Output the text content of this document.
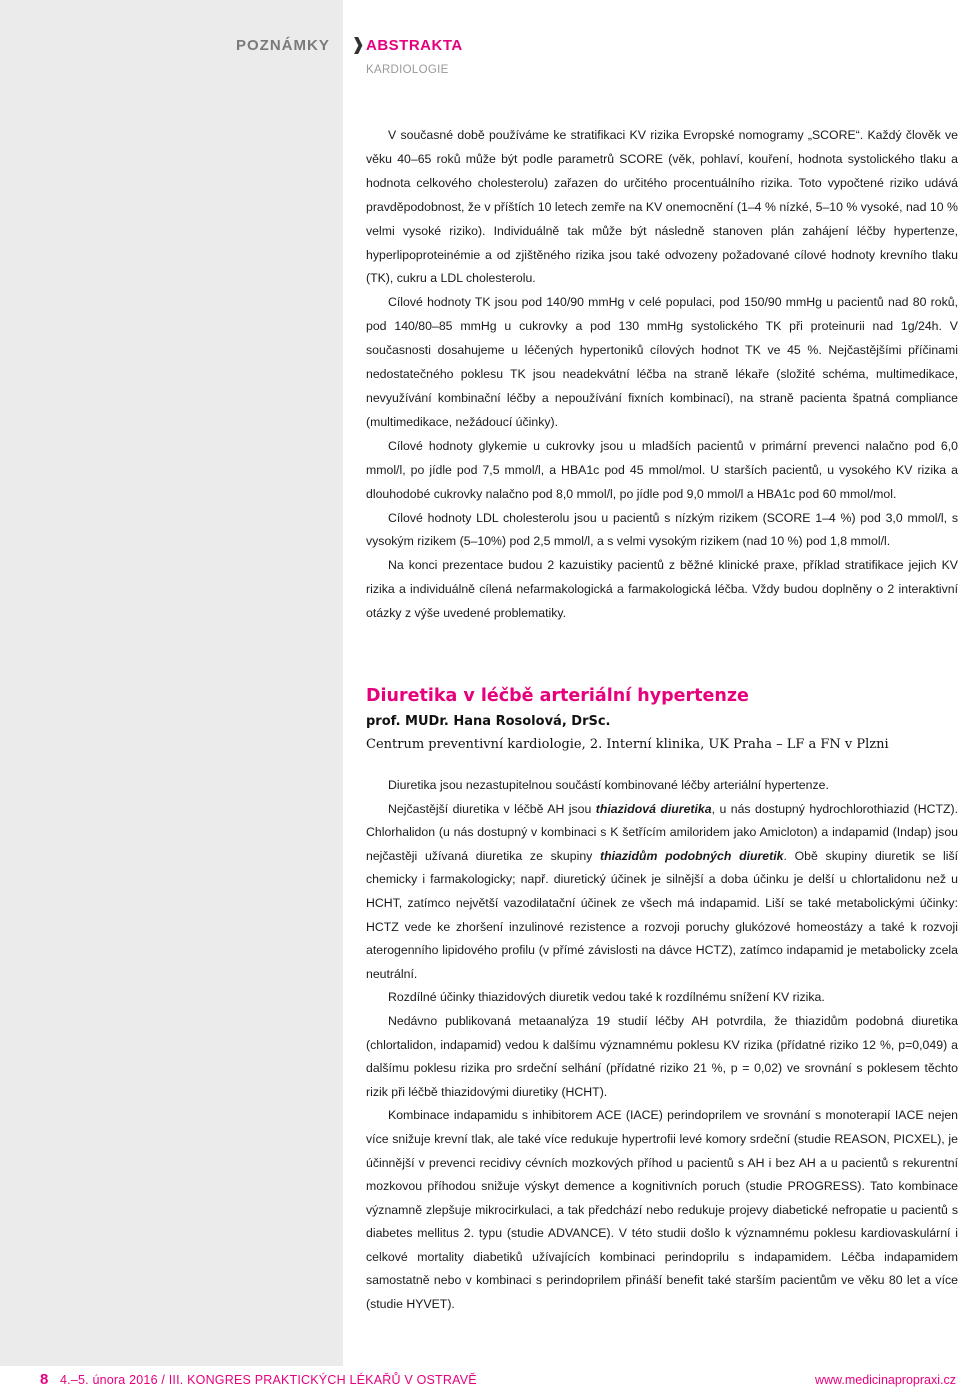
POZNÁMKY ❱ ABSTRAKTA
KARDIOLOGIE

V současné době používáme ke stratifikaci KV rizika Evropské nomogramy „SCORE“. Každý člověk ve věku 40–65 roků může být podle parametrů SCORE (věk, pohlaví, kouření, hodnota systolického tlaku a hodnota celkového cholesterolu) zařazen do určitého procentuálního rizika. Toto vypočtené riziko udává pravděpodobnost, že v příštích 10 letech zemře na KV onemocnění (1–4 % nízké, 5–10 % vysoké, nad 10 % velmi vysoké riziko). Individuálně tak může být následně stanoven plán zahájení léčby hypertenze, hyperlipoproteinémie a od zjištěného rizika jsou také odvozeny požadované cílové hodnoty krevního tlaku (TK), cukru a LDL cholesterolu.

Cílové hodnoty TK jsou pod 140/90 mmHg v celé populaci, pod 150/90 mmHg u pacientů nad 80 roků, pod 140/80–85 mmHg u cukrovky a pod 130 mmHg systolického TK při proteinurii nad 1g/24h. V současnosti dosahujeme u léčených hypertoniků cílových hodnot TK ve 45 %. Nejčastějšími příčinami nedostatečného poklesu TK jsou neadekvátní léčba na straně lékaře (složité schéma, multimedikace, nevyužívání kombinační léčby a nepoužívání fixních kombinací), na straně pacienta špatná compliance (multimedikace, nežádoucí účinky).

Cílové hodnoty glykemie u cukrovky jsou u mladších pacientů v primární prevenci nalačno pod 6,0 mmol/l, po jídle pod 7,5 mmol/l, a HBA1c pod 45 mmol/mol. U starších pacientů, u vysokého KV rizika a dlouhodobé cukrovky nalačno pod 8,0 mmol/l, po jídle pod 9,0 mmol/l a HBA1c pod 60 mmol/mol.

Cílové hodnoty LDL cholesterolu jsou u pacientů s nízkým rizikem (SCORE 1–4 %) pod 3,0 mmol/l, s vysokým rizikem (5–10%) pod 2,5 mmol/l, a s velmi vysokým rizikem (nad 10 %) pod 1,8 mmol/l.

Na konci prezentace budou 2 kazuistiky pacientů z běžné klinické praxe, příklad stratifikace jejich KV rizika a individuálně cílená nefarmakologická a farmakologická léčba. Vždy budou doplněny o 2 interaktivní otázky z výše uvedené problematiky.

Diuretika v léčbě arteriální hypertenze
prof. MUDr. Hana Rosolová, DrSc.
Centrum preventivní kardiologie, 2. Interní klinika, UK Praha – LF a FN v Plzni

Diuretika jsou nezastupitelnou součástí kombinované léčby arteriální hypertenze.

Nejčastější diuretika v léčbě AH jsou thiazidová diuretika, u nás dostupný hydrochlorothiazid (HCTZ). Chlorhalidon (u nás dostupný v kombinaci s K šetřícím amiloridem jako Amicloton) a indapamid (Indap) jsou nejčastěji užívaná diuretika ze skupiny thiazidům podobných diuretik. Obě skupiny diuretik se liší chemicky i farmakologicky; např. diuretický účinek je silnější a doba účinku je delší u chlortalidonu než u HCHT, zatímco největší vazodilatační účinek ze všech má indapamid. Liší se také metabolickými účinky: HCTZ vede ke zhoršení inzulinové rezistence a rozvoji poruchy glukózové homeostázy a také k rozvoji aterogenního lipidového profilu (v přímé závislosti na dávce HCTZ), zatímco indapamid je metabolicky zcela neutrální.

Rozdílné účinky thiazidových diuretik vedou také k rozdílnému snížení KV rizika.

Nedávno publikovaná metaanalýza 19 studií léčby AH potvrdila, že thiazidům podobná diuretika (chlortalidon, indapamid) vedou k dalšímu významnému poklesu KV rizika (přídatné riziko 12 %, p=0,049) a dalšímu poklesu rizika pro srdeční selhání (přídatné riziko 21 %, p = 0,02) ve srovnání s poklesem těchto rizik při léčbě thiazidovými diuretiky (HCHT).

Kombinace indapamidu s inhibitorem ACE (IACE) perindoprilem ve srovnání s monoterapií IACE nejen více snižuje krevní tlak, ale také více redukuje hypertrofii levé komory srdeční (studie REASON, PICXEL), je účinnější v prevenci recidivy cévních mozkových příhod u pacientů s AH i bez AH a u pacientů s rekurentní mozkovou příhodou snižuje výskyt demence a kognitivních poruch (studie PROGRESS). Tato kombinace významně zlepšuje mikrocirkulaci, a tak předchází nebo redukuje projevy diabetické nefropatie u pacientů s diabetes mellitus 2. typu (studie ADVANCE). V této studii došlo k významnému poklesu kardiovaskulární i celkové mortality diabetiků užívajících kombinaci perindoprilu s indapamidem. Léčba indapamidem samostatně nebo v kombinaci s perindoprilem přináší benefit také starším pacientům ve věku 80 let a více (studie HYVET).

8 4.–5. února 2016 / III. KONGRES PRAKTICKÝCH LÉKAŘŮ V OSTRAVĚ	www.medicinapropraxi.cz
